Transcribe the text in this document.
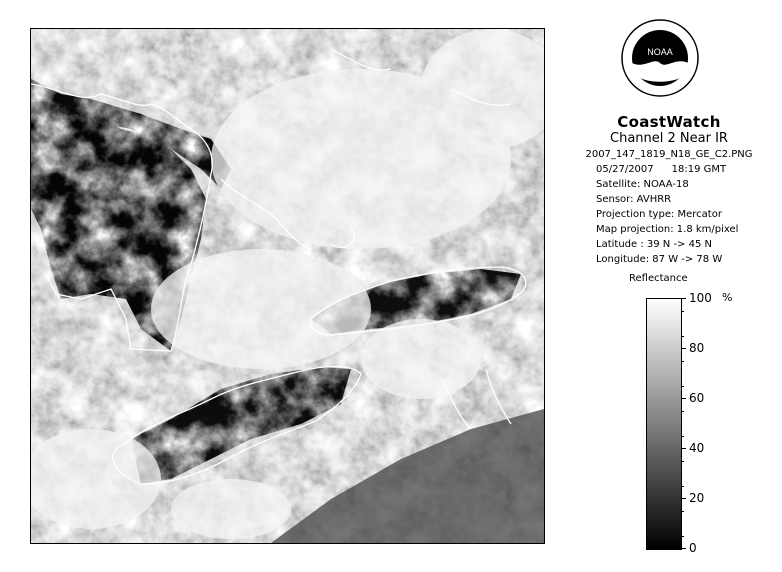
NOAA
CoastWatch
Channel 2 Near IR
2007_147_1819_N18_GE_C2.PNG
05/27/2007 18:19 GMT
Satellite: NOAA-18
Sensor: AVHRR
Projection type: Mercator
Map projection: 1.8 km/pixel
Latitude : 39 N -> 45 N
Longitude: 87 W -> 78 W
Reflectance
%
100
80
60
40
20
0
